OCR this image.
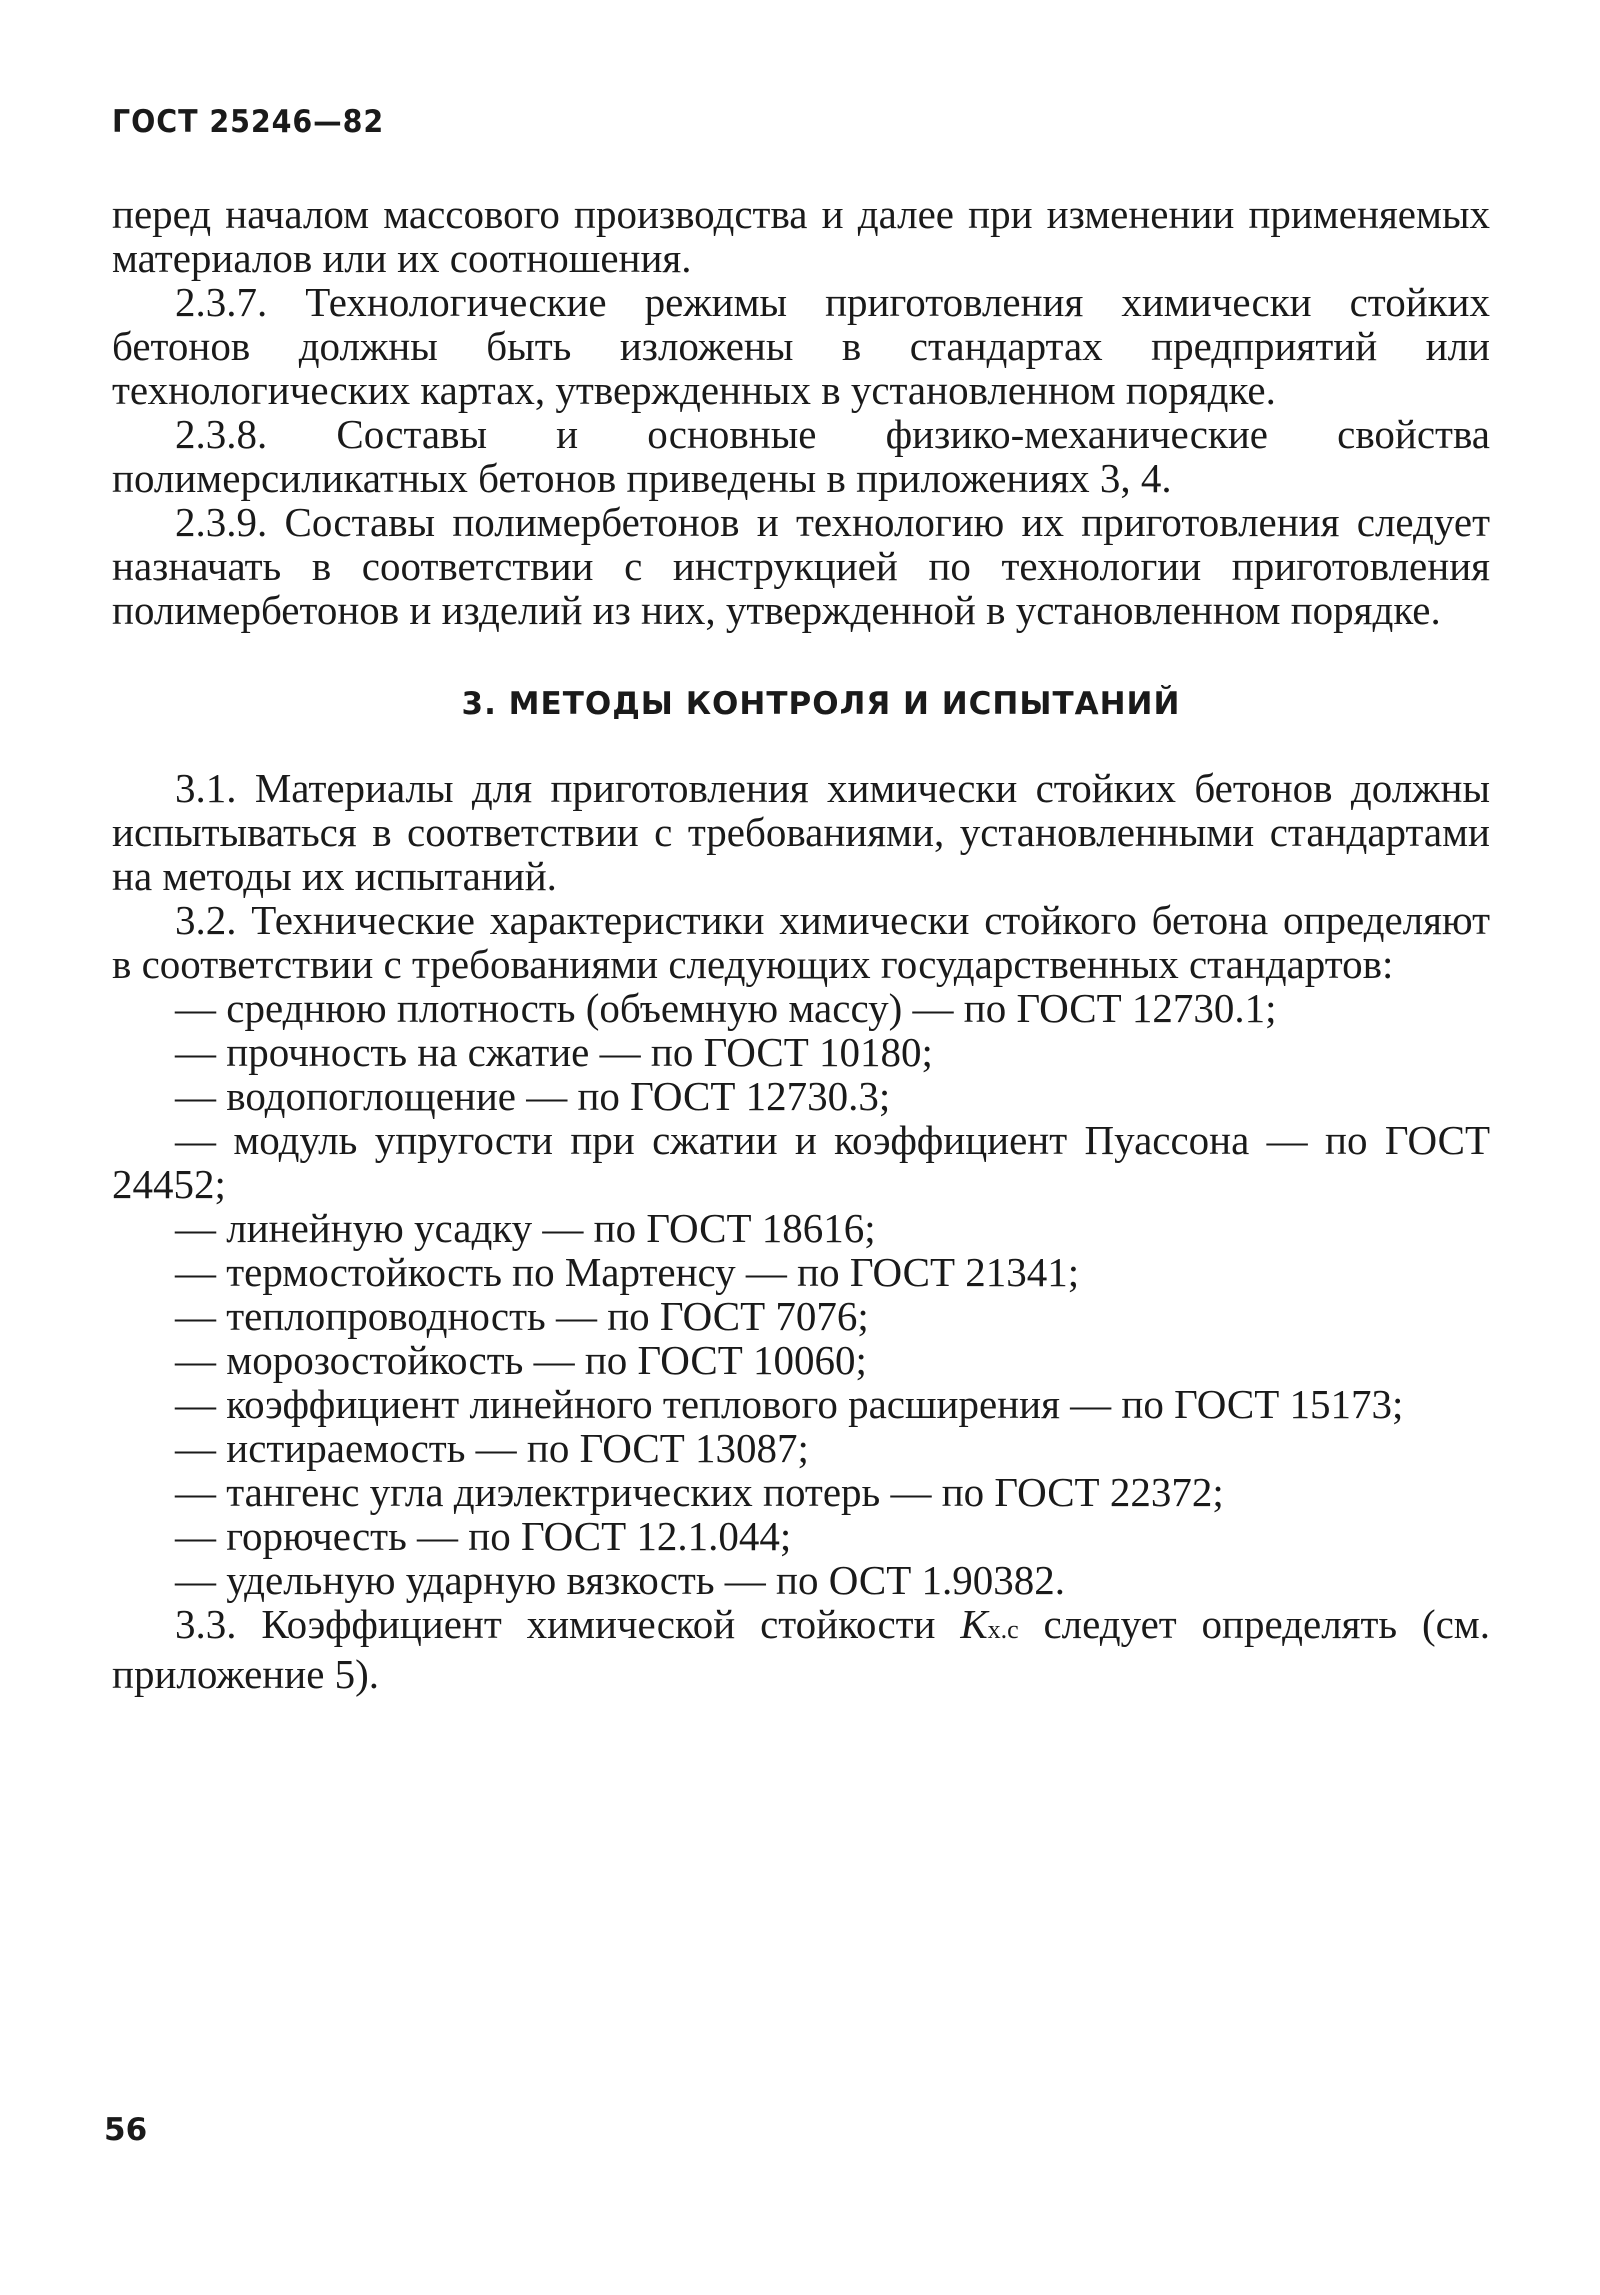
ГОСТ 25246—82

перед началом массового производства и далее при изменении применяемых материалов или их соотношения.

2.3.7. Технологические режимы приготовления химически стойких бетонов должны быть изложены в стандартах предприятий или технологических картах, утвержденных в установленном порядке.

2.3.8. Составы и основные физико-механические свойства полимерсиликатных бетонов приведены в приложениях 3, 4.

2.3.9. Составы полимербетонов и технологию их приготовления следует назначать в соответствии с инструкцией по технологии приготовления полимербетонов и изделий из них, утвержденной в установленном порядке.

3. МЕТОДЫ КОНТРОЛЯ И ИСПЫТАНИЙ

3.1. Материалы для приготовления химически стойких бетонов должны испытываться в соответствии с требованиями, установленными стандартами на методы их испытаний.

3.2. Технические характеристики химически стойкого бетона определяют в соответствии с требованиями следующих государственных стандартов:

— среднюю плотность (объемную массу) — по ГОСТ 12730.1;

— прочность на сжатие — по ГОСТ 10180;

— водопоглощение — по ГОСТ 12730.3;

— модуль упругости при сжатии и коэффициент Пуассона — по ГОСТ 24452;

— линейную усадку — по ГОСТ 18616;

— термостойкость по Мартенсу — по ГОСТ 21341;

— теплопроводность — по ГОСТ 7076;

— морозостойкость — по ГОСТ 10060;

— коэффициент линейного теплового расширения — по ГОСТ 15173;

— истираемость — по ГОСТ 13087;

— тангенс угла диэлектрических потерь — по ГОСТ 22372;

— горючесть — по ГОСТ 12.1.044;

— удельную ударную вязкость — по ОСТ 1.90382.

3.3. Коэффициент химической стойкости Кх.с следует определять (см. приложение 5).

56
